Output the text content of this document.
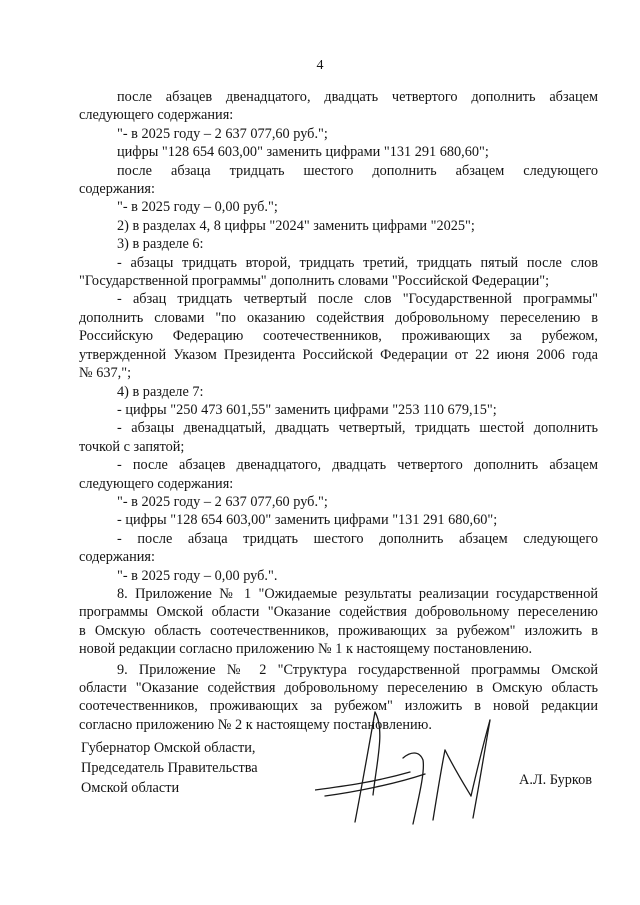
4

после абзацев двенадцатого, двадцать четвертого дополнить абзацем

следующего содержания:

"- в 2025 году – 2 637 077,60 руб.";

цифры "128 654 603,00" заменить цифрами "131 291 680,60";

после абзаца тридцать шестого дополнить абзацем следующего

содержания:

"- в 2025 году – 0,00 руб.";

2) в разделах 4, 8 цифры "2024" заменить цифрами "2025";

3) в разделе 6:

- абзацы тридцать второй, тридцать третий, тридцать пятый после слов

"Государственной программы" дополнить словами "Российской Федерации";

- абзац тридцать четвертый после слов "Государственной программы"

дополнить словами "по оказанию содействия добровольному переселению в

Российскую Федерацию соотечественников, проживающих за рубежом,

утвержденной Указом Президента Российской Федерации от 22 июня 2006 года

№ 637,";

4) в разделе 7:

- цифры "250 473 601,55" заменить цифрами "253 110 679,15";

- абзацы двенадцатый, двадцать четвертый, тридцать шестой дополнить

точкой с запятой;

- после абзацев двенадцатого, двадцать четвертого дополнить абзацем

следующего содержания:

"- в 2025 году – 2 637 077,60 руб.";

- цифры "128 654 603,00" заменить цифрами "131 291 680,60";

- после абзаца тридцать шестого дополнить абзацем следующего

содержания:

"- в 2025 году – 0,00 руб.".

8. Приложение № 1 "Ожидаемые результаты реализации государственной

программы Омской области "Оказание содействия добровольному переселению

в Омскую область соотечественников, проживающих за рубежом" изложить в

новой редакции согласно приложению № 1 к настоящему постановлению.

9. Приложение № 2 "Структура государственной программы Омской

области "Оказание содействия добровольному переселению в Омскую область

соотечественников, проживающих за рубежом" изложить в новой редакции

согласно приложению № 2 к настоящему постановлению.

Губернатор Омской области,
Председатель Правительства
Омской области	А.Л. Бурков
